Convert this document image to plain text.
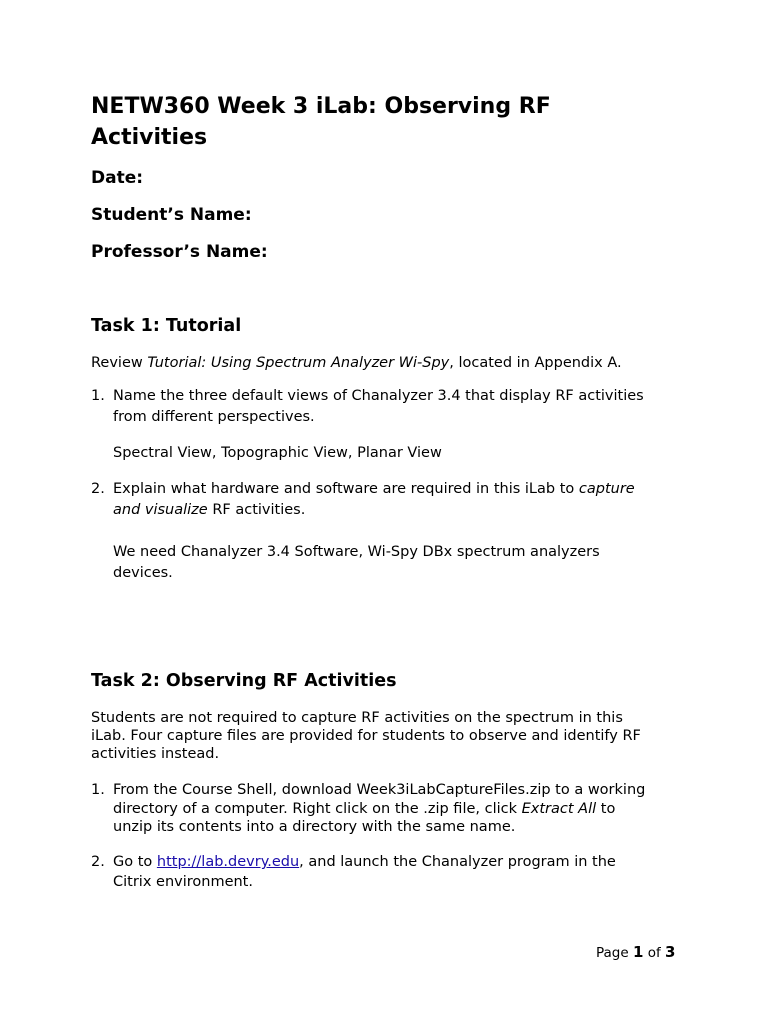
NETW360 Week 3 iLab: Observing RF
Activities
Date:
Student’s Name:
Professor’s Name:
Task 1: Tutorial
Review Tutorial: Using Spectrum Analyzer Wi-Spy, located in Appendix A.
1. Name the three default views of Chanalyzer 3.4 that display RF activities
from different perspectives.
Spectral View, Topographic View, Planar View
2. Explain what hardware and software are required in this iLab to capture
and visualize RF activities.
We need Chanalyzer 3.4 Software, Wi-Spy DBx spectrum analyzers
devices.
Task 2: Observing RF Activities
Students are not required to capture RF activities on the spectrum in this
iLab. Four capture files are provided for students to observe and identify RF
activities instead.
1. From the Course Shell, download Week3iLabCaptureFiles.zip to a working
directory of a computer. Right click on the .zip file, click Extract All to
unzip its contents into a directory with the same name.
2. Go to http://lab.devry.edu, and launch the Chanalyzer program in the
Citrix environment.
Page 1 of 3
